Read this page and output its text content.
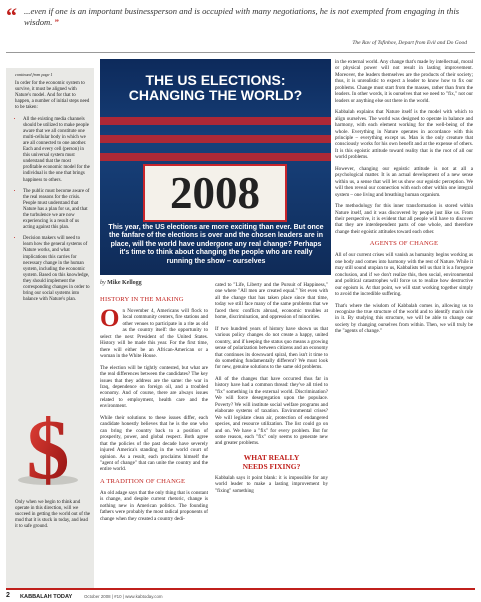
“ ...even if one is an important businessperson and is occupied with many negotiations, he is not exempted from engaging in this wisdom. ”
The Rav of Tsfinhov, Depart from Evil and Do Good

continued from page 1

In order for the economic system to survive, it must be aligned with Nature's model. And for that to happen, a number of initial steps need to be taken:

• All the existing media channels should be utilized to make people aware that we all constitute one multi-cellular body in which we are all connected to one another. Each and every cell (person) in this universal system must understand that the most profitable economic model for the individual is the one that brings happiness to others.
• The public must become aware of the real reasons for the crisis. People must understand that Nature has a plan for us, and that the turbulence we are now experiencing is a result of us acting against this plan.
• Decision makers will need to learn how the general systems of Nature works, and what implications this carries for necessary change in the human system, including the economic system. Based on this knowledge, they should implement the corresponding changes in order to bring our social systems into balance with Nature's plan.
$
Only when we begin to think and operate in this direction, will we succeed in getting the world out of the mud that it is stuck in today, and lead it to safe ground.
THE US ELECTIONS:
CHANGING THE WORLD?
2008
This year, the US elections are more exciting than ever. But once the fanfare of the elections is over and the chosen leaders are in place, will the world have undergone any real change? Perhaps it's time to think about changing the people who are really running the show – ourselves
by Mike Kellogg
HISTORY IN THE MAKING

On November 4, Americans will flock to local community centers, fire stations and other venues to participate in a rite as old as the country itself: the opportunity to select the next President of the United States. History will be made this year. For the first time, there will either be an African-American or a woman in the White House.

The election will be tightly contested, but what are the real differences between the candidates? The key issues that they address are the same: the war in Iraq, dependence on foreign oil, and a troubled economy. And of course, there are always issues related to employment, health care and the environment.

While their solutions to these issues differ, each candidate honestly believes that he is the one who can bring the country back to a position of prosperity, power, and global respect. Both agree that the policies of the past decade have severely injured America's standing in the world court of opinion. As a result, each proclaims himself the "agent of change" that can unite the country and the entire world.

A TRADITION OF CHANGE

An old adage says that the only thing that is constant is change, and despite current rhetoric, change is nothing new in American politics. The founding fathers were probably the most radical proponents of change when they created a country dedi-

cated to "Life, Liberty and the Pursuit of Happiness," one where "All men are created equal." Yet even with all the change that has taken place since that time, today we still face many of the same problems that we faced then: conflicts abroad, economic troubles at home, discrimination, and oppression of minorities.

If two hundred years of history have shown us that various policy changes do not create a happy, united country, and if keeping the status quo means a growing sense of polarization between citizens and an economy that continues its downward spiral, then isn't it time to do something fundamentally different? We must look for new, genuine solutions to the same old problems.

All of the changes that have occurred thus far in history have had a common thread: they've all tried to "fix" something in the external world. Discrimination? We will force desegregation upon the populace. Poverty? We will institute social welfare programs and elaborate systems of taxation. Environmental crises? We will legislate clean air, protection of endangered species, and resource utilization. The list could go on and on. We have a "fix" for every problem. But for some reason, each "fix" only seems to generate new and greater problems.

WHAT REALLY
NEEDS FIXING?

Kabbalah says it point blank: it is impossible for any world leader to make a lasting improvement by "fixing" something

in the external world. Any change that's made by intellectual, moral or physical power will not result in lasting improvement. Moreover, the leaders themselves are the products of their society; thus, it is unrealistic to expect a leader to know how to fix our problems. Change must start from the masses, rather than from the leaders. In other words, it is ourselves that we need to "fix," not our leaders or anything else out there in the world.

Kabbalah explains that Nature itself is the model with which to align ourselves. The world was designed to operate in balance and harmony, with each element working for the well-being of the whole. Everything in Nature operates in accordance with this principle – everything except us. Man is the only creature that consciously works for his own benefit and at the expense of others. It is this egoistic attitude toward reality that is the root of all our world problems.

However, changing our egoistic attitude is not at all a psychological matter. It is an actual development of a new sense within us, a sense that will let us show our egoistic perception. We will then reveal our connection with each other within one integral system – one living and breathing human organism.

The methodology for this inner transformation is stored within Nature itself, and it was discovered by people just like us. From their perspective, it is evident that all people will have to discover that they are interdependent parts of one whole, and therefore change their egoistic attitudes toward each other.

AGENTS OF CHANGE

All of our current crises will vanish as humanity begins working as one body and comes into harmony with the rest of Nature. While it may still sound utopian to us, Kabbalists tell us that it is a foregone conclusion, and if we don't realize this, then social, environmental and political catastrophes will force us to realize how destructive our egoism is. At that point, we will start working together simply to avoid the incredible suffering.

That's where the wisdom of Kabbalah comes in, allowing us to recognize the true structure of the world and to identify man's role in it. By studying this structure, we will be able to change our society by changing ourselves from within. Then, we will truly be the "agents of change."

2 KABBALAH TODAY	October 2008 | #10 | www.kabtoday.com
